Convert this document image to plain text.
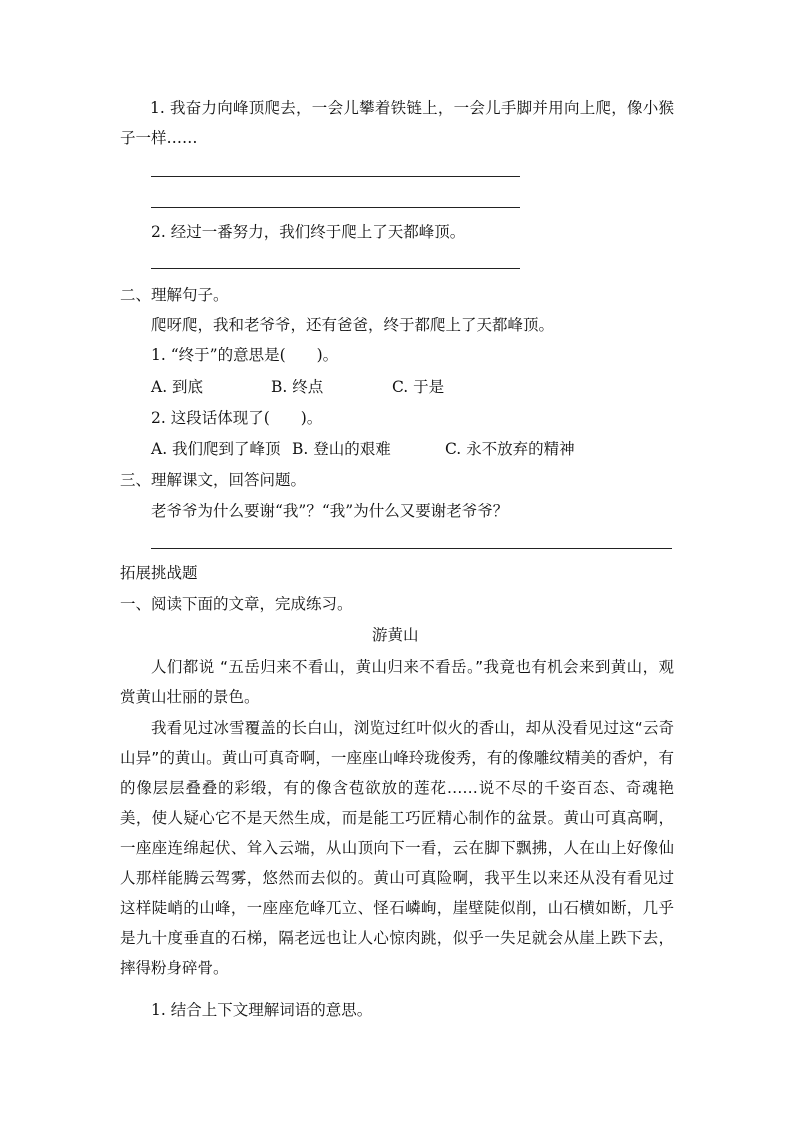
1. 我奋力向峰顶爬去，一会儿攀着铁链上，一会儿手脚并用向上爬，像小猴子一样……
2. 经过一番努力，我们终于爬上了天都峰顶。
二、理解句子。
爬呀爬，我和老爷爷，还有爸爸，终于都爬上了天都峰顶。
1. “终于”的意思是(　　)。
A. 到底	B. 终点	C. 于是
2. 这段话体现了(　　)。
A. 我们爬到了峰顶 B. 登山的艰难	C. 永不放弃的精神
三、理解课文，回答问题。
老爷爷为什么要谢“我”？“我”为什么又要谢老爷爷？
拓展挑战题
一、阅读下面的文章，完成练习。
游黄山
人们都说 “五岳归来不看山，黄山归来不看岳。”我竟也有机会来到黄山，观赏黄山壮丽的景色。
我看见过冰雪覆盖的长白山，浏览过红叶似火的香山，却从没看见过这“云奇山异”的黄山。黄山可真奇啊，一座座山峰玲珑俊秀，有的像雕纹精美的香炉，有的像层层叠叠的彩缎，有的像含苞欲放的莲花……说不尽的千姿百态、奇魂艳美，使人疑心它不是天然生成，而是能工巧匠精心制作的盆景。黄山可真高啊，一座座连绵起伏、耸入云端，从山顶向下一看，云在脚下飘拂，人在山上好像仙人那样能腾云驾雾，悠然而去似的。黄山可真险啊，我平生以来还从没有看见过这样陡峭的山峰，一座座危峰兀立、怪石嶙峋，崖壁陡似削，山石横如断，几乎是九十度垂直的石梯，隔老远也让人心惊肉跳，似乎一失足就会从崖上跌下去，摔得粉身碎骨。
1. 结合上下文理解词语的意思。
